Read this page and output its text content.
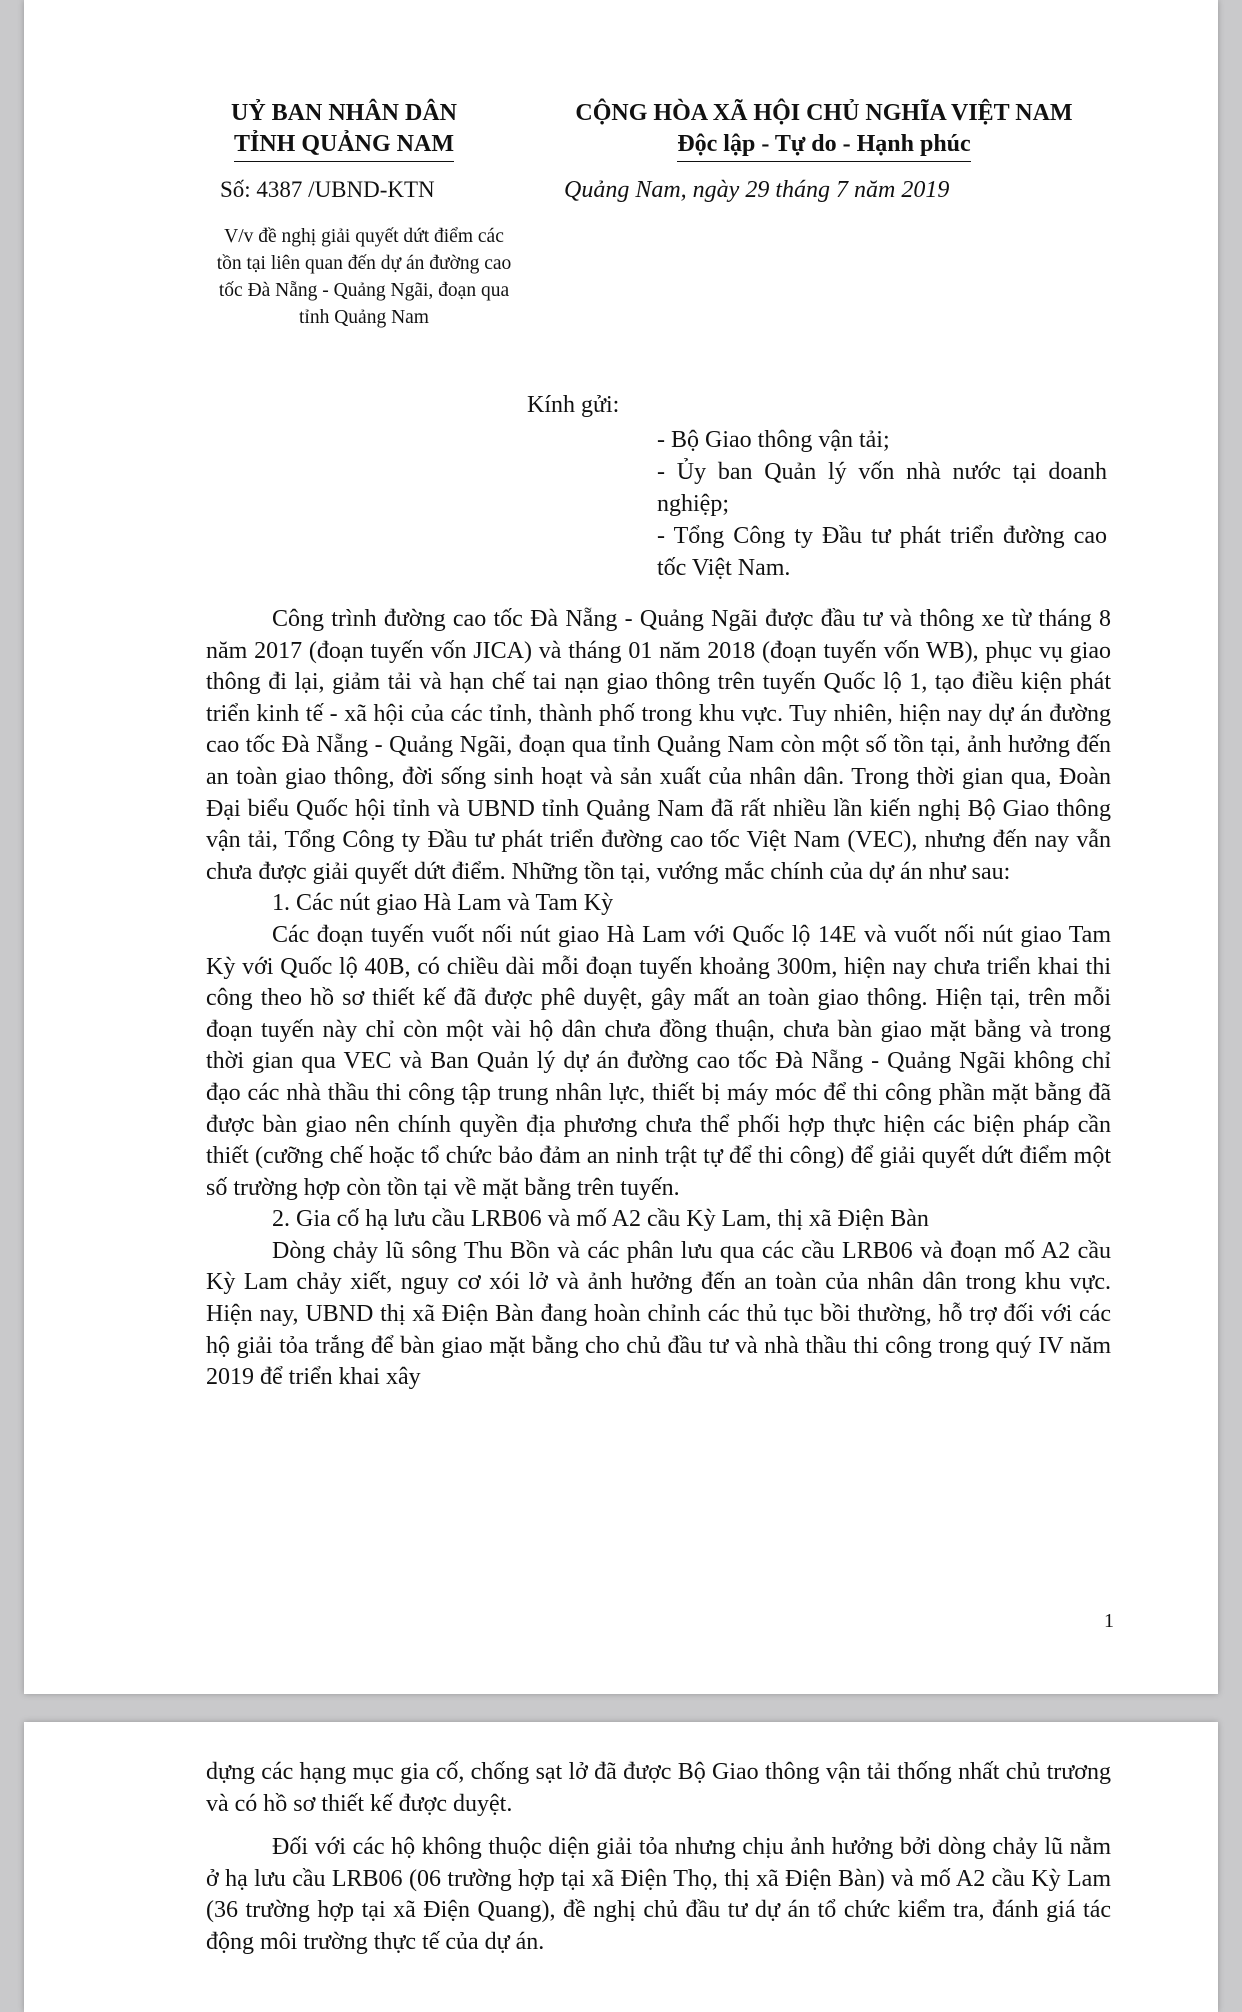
UỶ BAN NHÂN DÂN
TỈNH QUẢNG NAM
CỘNG HÒA XÃ HỘI CHỦ NGHĨA VIỆT NAM
Độc lập - Tự do - Hạnh phúc
Số: 4387 /UBND-KTN	Quảng Nam, ngày 29 tháng 7 năm 2019
V/v đề nghị giải quyết dứt điểm các tồn tại liên quan đến dự án đường cao tốc Đà Nẵng - Quảng Ngãi, đoạn qua tỉnh Quảng Nam
Kính gửi:
- Bộ Giao thông vận tải;
- Ủy ban Quản lý vốn nhà nước tại doanh nghiệp;
- Tổng Công ty Đầu tư phát triển đường cao tốc Việt Nam.

Công trình đường cao tốc Đà Nẵng - Quảng Ngãi được đầu tư và thông xe từ tháng 8 năm 2017 (đoạn tuyến vốn JICA) và tháng 01 năm 2018 (đoạn tuyến vốn WB), phục vụ giao thông đi lại, giảm tải và hạn chế tai nạn giao thông trên tuyến Quốc lộ 1, tạo điều kiện phát triển kinh tế - xã hội của các tỉnh, thành phố trong khu vực. Tuy nhiên, hiện nay dự án đường cao tốc Đà Nẵng - Quảng Ngãi, đoạn qua tỉnh Quảng Nam còn một số tồn tại, ảnh hưởng đến an toàn giao thông, đời sống sinh hoạt và sản xuất của nhân dân. Trong thời gian qua, Đoàn Đại biểu Quốc hội tỉnh và UBND tỉnh Quảng Nam đã rất nhiều lần kiến nghị Bộ Giao thông vận tải, Tổng Công ty Đầu tư phát triển đường cao tốc Việt Nam (VEC), nhưng đến nay vẫn chưa được giải quyết dứt điểm. Những tồn tại, vướng mắc chính của dự án như sau:

1. Các nút giao Hà Lam và Tam Kỳ

Các đoạn tuyến vuốt nối nút giao Hà Lam với Quốc lộ 14E và vuốt nối nút giao Tam Kỳ với Quốc lộ 40B, có chiều dài mỗi đoạn tuyến khoảng 300m, hiện nay chưa triển khai thi công theo hồ sơ thiết kế đã được phê duyệt, gây mất an toàn giao thông. Hiện tại, trên mỗi đoạn tuyến này chỉ còn một vài hộ dân chưa đồng thuận, chưa bàn giao mặt bằng và trong thời gian qua VEC và Ban Quản lý dự án đường cao tốc Đà Nẵng - Quảng Ngãi không chỉ đạo các nhà thầu thi công tập trung nhân lực, thiết bị máy móc để thi công phần mặt bằng đã được bàn giao nên chính quyền địa phương chưa thể phối hợp thực hiện các biện pháp cần thiết (cưỡng chế hoặc tổ chức bảo đảm an ninh trật tự để thi công) để giải quyết dứt điểm một số trường hợp còn tồn tại về mặt bằng trên tuyến.

2. Gia cố hạ lưu cầu LRB06 và mố A2 cầu Kỳ Lam, thị xã Điện Bàn

Dòng chảy lũ sông Thu Bồn và các phân lưu qua các cầu LRB06 và đoạn mố A2 cầu Kỳ Lam chảy xiết, nguy cơ xói lở và ảnh hưởng đến an toàn của nhân dân trong khu vực. Hiện nay, UBND thị xã Điện Bàn đang hoàn chỉnh các thủ tục bồi thường, hỗ trợ đối với các hộ giải tỏa trắng để bàn giao mặt bằng cho chủ đầu tư và nhà thầu thi công trong quý IV năm 2019 để triển khai xây

1

dựng các hạng mục gia cố, chống sạt lở đã được Bộ Giao thông vận tải thống nhất chủ trương và có hồ sơ thiết kế được duyệt.

Đối với các hộ không thuộc diện giải tỏa nhưng chịu ảnh hưởng bởi dòng chảy lũ nằm ở hạ lưu cầu LRB06 (06 trường hợp tại xã Điện Thọ, thị xã Điện Bàn) và mố A2 cầu Kỳ Lam (36 trường hợp tại xã Điện Quang), đề nghị chủ đầu tư dự án tổ chức kiểm tra, đánh giá tác động môi trường thực tế của dự án.
